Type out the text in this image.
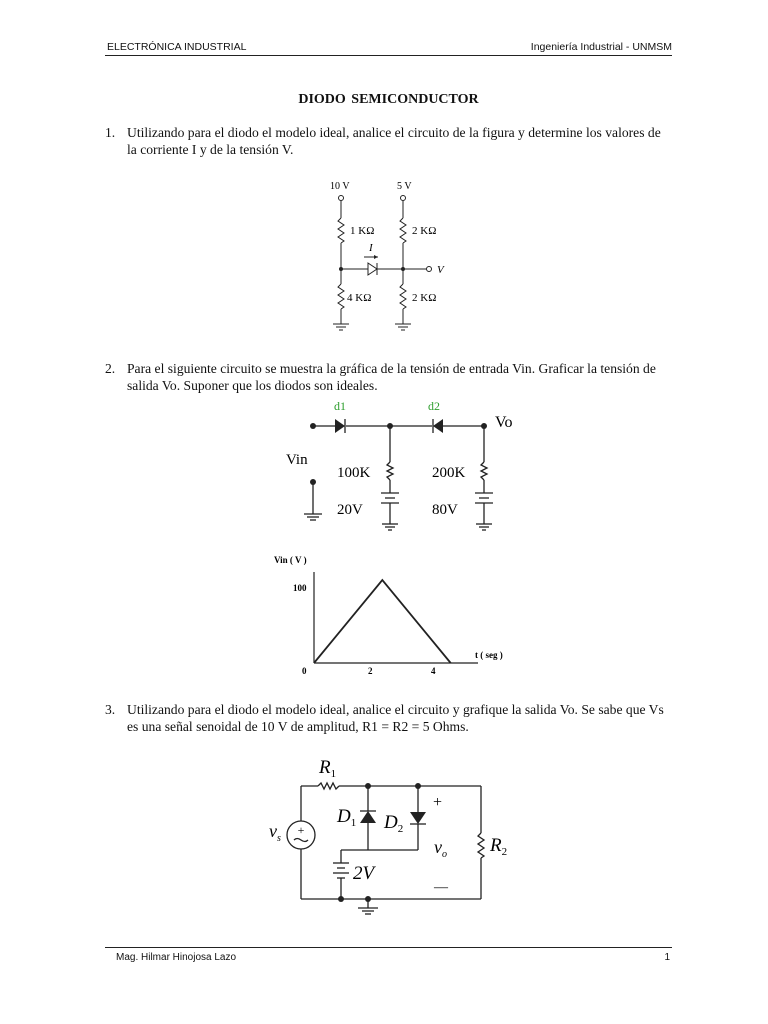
ELECTRÓNICA INDUSTRIAL	Ingeniería Industrial - UNMSM
DIODO SEMICONDUCTOR
1. Utilizando para el diodo el modelo ideal, analice el circuito de la figura y determine los valores de la corriente I y de la tensión V.
10 V	5 V
1 KΩ	2 KΩ
I
V
4 KΩ	2 KΩ
2. Para el siguiente circuito se muestra la gráfica de la tensión de entrada Vin. Graficar la tensión de salida Vo. Suponer que los diodos son ideales.
d1	d2
Vo
Vin
100K	200K
20V	80V
Vin ( V )
t ( seg )
100
0	2	4
3. Utilizando para el diodo el modelo ideal, analice el circuito y grafique la salida Vo. Se sabe que Vs es una señal senoidal de 10 V de amplitud, R1 = R2 = 5 Ohms.
+
$R_1$
$D_1$ $D_2$
+
$v_o$
—
$R_2$
$v_s$
2V
Mag. Hilmar Hinojosa Lazo	1
